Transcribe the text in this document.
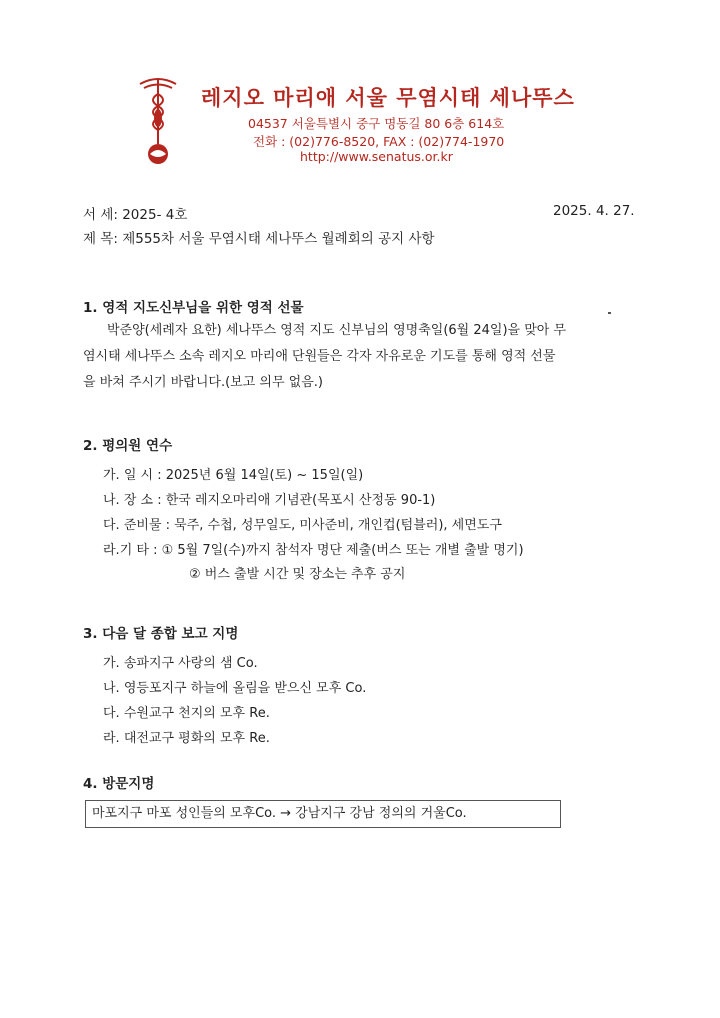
레지오 마리애 서울 무염시태 세나뚜스
04537 서울특별시 중구 명동길 80 6층 614호
전화 : (02)776-8520, FAX : (02)774-1970
http://www.senatus.or.kr
서 세: 2025- 4호	2025. 4. 27.
제 목: 제555차 서울 무염시태 세나뚜스 월례회의 공지 사항
1. 영적 지도신부님을 위한 영적 선물
박준양(세례자 요한) 세나뚜스 영적 지도 신부님의 영명축일(6월 24일)을 맞아 무
염시태 세나뚜스 소속 레지오 마리애 단원들은 각자 자유로운 기도를 통해 영적 선물
을 바쳐 주시기 바랍니다.(보고 의무 없음.)
2. 평의원 연수
가. 일 시 : 2025년 6월 14일(토) ~ 15일(일)
나. 장 소 : 한국 레지오마리애 기념관(목포시 산정동 90-1)
다. 준비물 : 묵주, 수첩, 성무일도, 미사준비, 개인컵(텀블러), 세면도구
라.기 타 : ① 5월 7일(수)까지 참석자 명단 제출(버스 또는 개별 출발 명기)
② 버스 출발 시간 및 장소는 추후 공지
3. 다음 달 종합 보고 지명
가. 송파지구 사랑의 샘 Co.
나. 영등포지구 하늘에 올림을 받으신 모후 Co.
다. 수원교구 천지의 모후 Re.
라. 대전교구 평화의 모후 Re.
4. 방문지명
마포지구 마포 성인들의 모후Co. → 강남지구 강남 정의의 거울Co.
